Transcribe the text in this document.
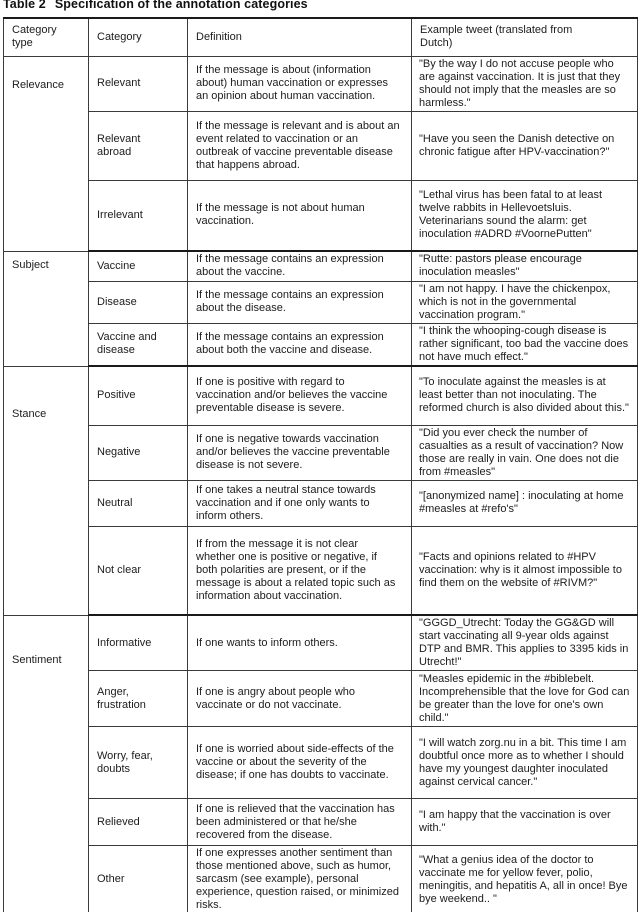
Table 2 Specification of the annotation categories

Category type	Category	Definition	Example tweet (translated from Dutch)
Relevance	Relevant	If the message is about (information about) human vaccination or expresses an opinion about human vaccination.	"By the way I do not accuse people who are against vaccination. It is just that they should not imply that the measles are so harmless."
	Relevant abroad	If the message is relevant and is about an event related to vaccination or an outbreak of vaccine preventable disease that happens abroad.	"Have you seen the Danish detective on chronic fatigue after HPV-vaccination?"
	Irrelevant	If the message is not about human vaccination.	"Lethal virus has been fatal to at least twelve rabbits in Hellevoetsluis. Veterinarians sound the alarm: get inoculation #ADRD #VoornePutten"
Subject	Vaccine	If the message contains an expression about the vaccine.	"Rutte: pastors please encourage inoculation measles"
	Disease	If the message contains an expression about the disease.	"I am not happy. I have the chickenpox, which is not in the governmental vaccination program."
	Vaccine and disease	If the message contains an expression about both the vaccine and disease.	"I think the whooping-cough disease is rather significant, too bad the vaccine does not have much effect."
Stance	Positive	If one is positive with regard to vaccination and/or believes the vaccine preventable disease is severe.	"To inoculate against the measles is at least better than not inoculating. The reformed church is also divided about this."
	Negative	If one is negative towards vaccination and/or believes the vaccine preventable disease is not severe.	"Did you ever check the number of casualties as a result of vaccination? Now those are really in vain. One does not die from #measles"
	Neutral	If one takes a neutral stance towards vaccination and if one only wants to inform others.	"[anonymized name] : inoculating at home #measles at #refo's"
	Not clear	If from the message it is not clear whether one is positive or negative, if both polarities are present, or if the message is about a related topic such as information about vaccination.	"Facts and opinions related to #HPV vaccination: why is it almost impossible to find them on the website of #RIVM?"
Sentiment	Informative	If one wants to inform others.	"GGGD_Utrecht: Today the GG&GD will start vaccinating all 9-year olds against DTP and BMR. This applies to 3395 kids in Utrecht!"
	Anger, frustration	If one is angry about people who vaccinate or do not vaccinate.	"Measles epidemic in the #biblebelt. Incomprehensible that the love for God can be greater than the love for one's own child."
	Worry, fear, doubts	If one is worried about side-effects of the vaccine or about the severity of the disease; if one has doubts to vaccinate.	"I will watch zorg.nu in a bit. This time I am doubtful once more as to whether I should have my youngest daughter inoculated against cervical cancer."
	Relieved	If one is relieved that the vaccination has been administered or that he/she recovered from the disease.	"I am happy that the vaccination is over with."
	Other	If one expresses another sentiment than those mentioned above, such as humor, sarcasm (see example), personal experience, question raised, or minimized risks.	"What a genius idea of the doctor to vaccinate me for yellow fever, polio, meningitis, and hepatitis A, all in once! Bye bye weekend.. "
